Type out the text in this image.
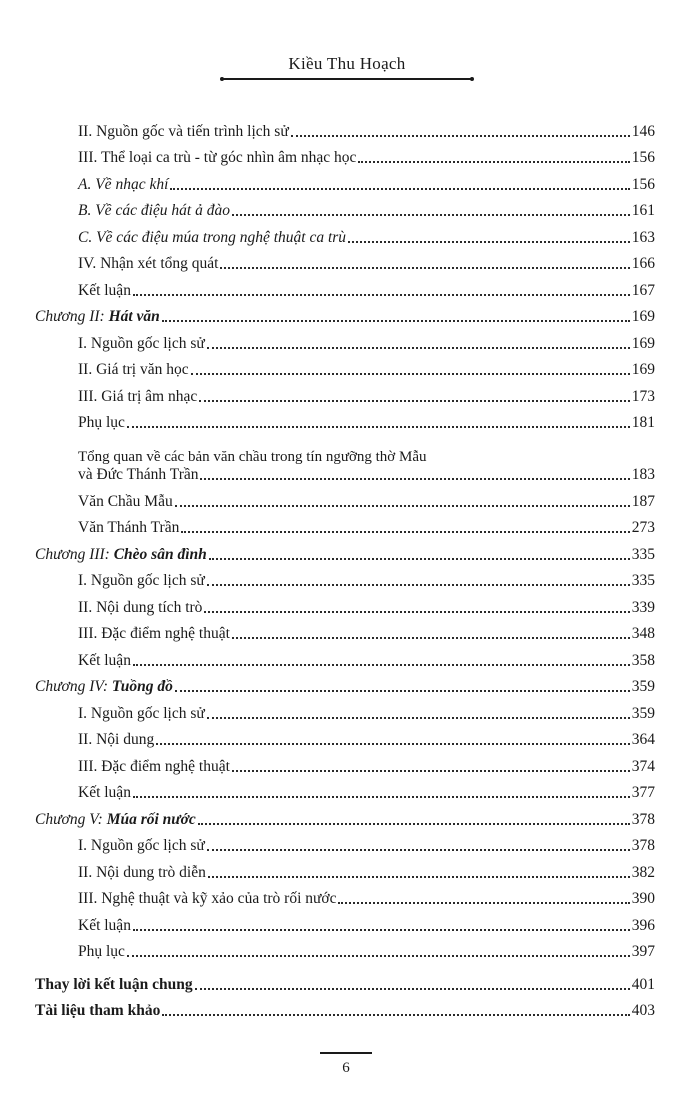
Kiều Thu Hoạch
II. Nguồn gốc và tiến trình lịch sử	146
III. Thể loại ca trù - từ góc nhìn âm nhạc học	156
A. Về nhạc khí	156
B. Về các điệu hát ả đào	161
C. Về các điệu múa trong nghệ thuật ca trù	163
IV. Nhận xét tổng quát	166
Kết luận	167
Chương II: Hát văn	169
I. Nguồn gốc lịch sử	169
II. Giá trị văn học	169
III. Giá trị âm nhạc	173
Phụ lục	181
Tổng quan về các bản văn chầu trong tín ngưỡng thờ Mẫu
và Đức Thánh Trần	183
Văn Chầu Mẫu	187
Văn Thánh Trần	273
Chương III: Chèo sân đình	335
I. Nguồn gốc lịch sử	335
II. Nội dung tích trò	339
III. Đặc điểm nghệ thuật	348
Kết luận	358
Chương IV: Tuồng đồ	359
I. Nguồn gốc lịch sử	359
II. Nội dung	364
III. Đặc điểm nghệ thuật	374
Kết luận	377
Chương V: Múa rối nước	378
I. Nguồn gốc lịch sử	378
II. Nội dung trò diễn	382
III. Nghệ thuật và kỹ xảo của trò rối nước	390
Kết luận	396
Phụ lục	397
Thay lời kết luận chung	401
Tài liệu tham khảo	403
6
